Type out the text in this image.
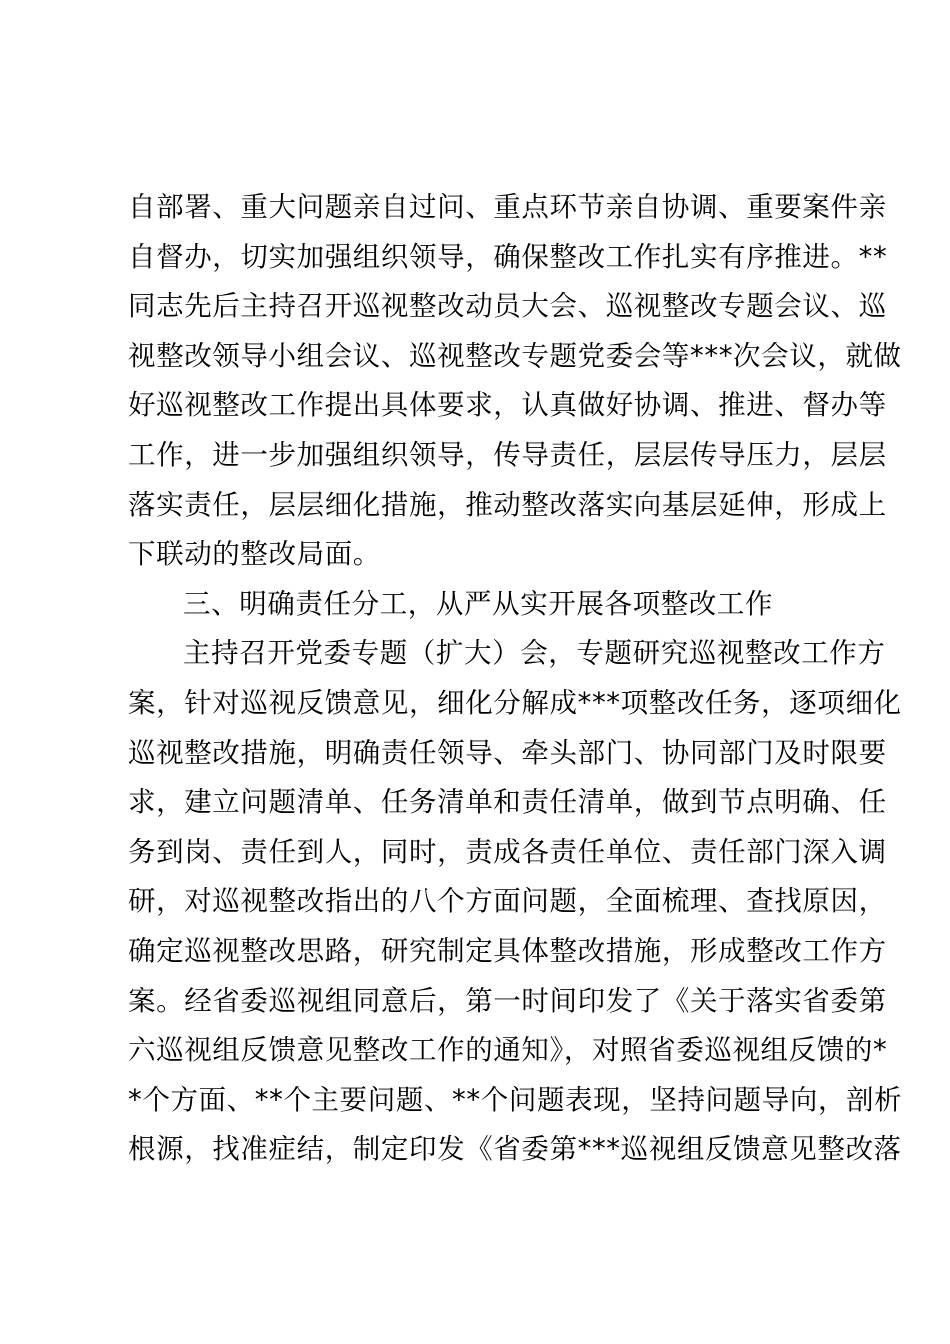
自部署、重大问题亲自过问、重点环节亲自协调、重要案件亲
自督办，切实加强组织领导，确保整改工作扎实有序推进。**
同志先后主持召开巡视整改动员大会、巡视整改专题会议、巡
视整改领导小组会议、巡视整改专题党委会等***次会议，就做
好巡视整改工作提出具体要求，认真做好协调、推进、督办等
工作，进一步加强组织领导，传导责任，层层传导压力，层层
落实责任，层层细化措施，推动整改落实向基层延伸，形成上
下联动的整改局面。
三、明确责任分工，从严从实开展各项整改工作
主持召开党委专题（扩大）会，专题研究巡视整改工作方
案，针对巡视反馈意见，细化分解成***项整改任务，逐项细化
巡视整改措施，明确责任领导、牵头部门、协同部门及时限要
求，建立问题清单、任务清单和责任清单，做到节点明确、任
务到岗、责任到人，同时，责成各责任单位、责任部门深入调
研，对巡视整改指出的八个方面问题，全面梳理、查找原因，
确定巡视整改思路，研究制定具体整改措施，形成整改工作方
案。经省委巡视组同意后，第一时间印发了《关于落实省委第
六巡视组反馈意见整改工作的通知》，对照省委巡视组反馈的*
*个方面、**个主要问题、**个问题表现，坚持问题导向，剖析
根源，找准症结，制定印发《省委第***巡视组反馈意见整改落
